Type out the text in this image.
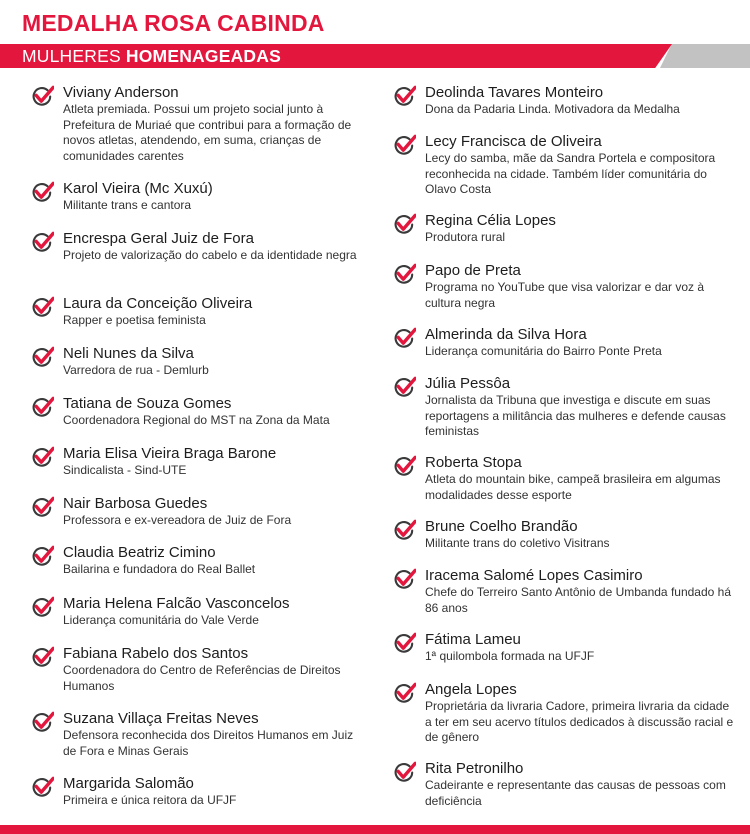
MEDALHA ROSA CABINDA
MULHERES HOMENAGEADAS
Viviany Anderson
Atleta premiada. Possui um projeto social junto à Prefeitura de Muriaé que contribui para a formação de novos atletas, atendendo, em suma, crianças de comunidades carentes
Karol Vieira (Mc Xuxú)
Militante trans e cantora
Encrespa Geral Juiz de Fora
Projeto de valorização do cabelo e da identidade negra
Laura da Conceição Oliveira
Rapper e poetisa feminista
Neli Nunes da Silva
Varredora de rua - Demlurb
Tatiana de Souza Gomes
Coordenadora Regional do MST na Zona da Mata
Maria Elisa Vieira Braga Barone
Sindicalista - Sind-UTE
Nair Barbosa Guedes
Professora e ex-vereadora de Juiz de Fora
Claudia Beatriz Cimino
Bailarina e fundadora do Real Ballet
Maria Helena Falcão Vasconcelos
Liderança comunitária do Vale Verde
Fabiana Rabelo dos Santos
Coordenadora do Centro de Referências de Direitos Humanos
Suzana Villaça Freitas Neves
Defensora reconhecida dos Direitos Humanos em Juiz de Fora e Minas Gerais
Margarida Salomão
Primeira e única reitora da UFJF
Deolinda Tavares Monteiro
Dona da Padaria Linda. Motivadora da Medalha
Lecy Francisca de Oliveira
Lecy do samba, mãe da Sandra Portela e compositora reconhecida na cidade. Também líder comunitária do Olavo Costa
Regina Célia Lopes
Produtora rural
Papo de Preta
Programa no YouTube que visa valorizar e dar voz à cultura negra
Almerinda da Silva Hora
Liderança comunitária do Bairro Ponte Preta
Júlia Pessôa
Jornalista da Tribuna que investiga e discute em suas reportagens a militância das mulheres e defende causas feministas
Roberta Stopa
Atleta do mountain bike, campeã brasileira em algumas modalidades desse esporte
Brune Coelho Brandão
Militante trans do coletivo Visitrans
Iracema Salomé Lopes Casimiro
Chefe do Terreiro Santo Antônio de Umbanda fundado há 86 anos
Fátima Lameu
1ª quilombola formada na UFJF
Angela Lopes
Proprietária da livraria Cadore, primeira livraria da cidade a ter em seu acervo títulos dedicados à discussão racial e de gênero
Rita Petronilho
Cadeirante e representante das causas de pessoas com deficiência
